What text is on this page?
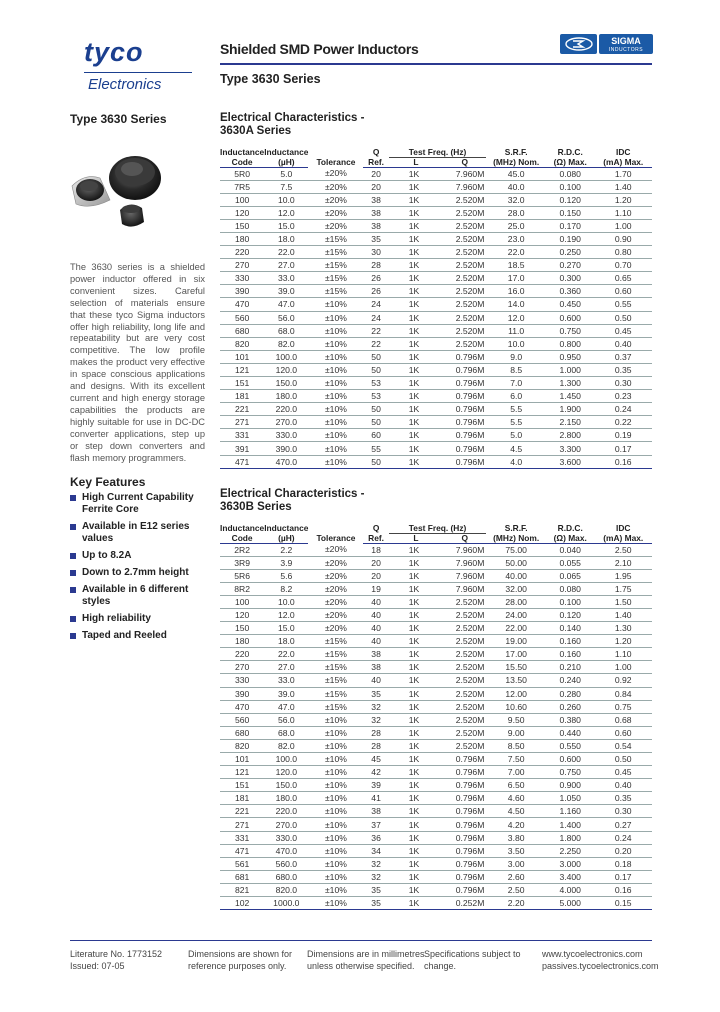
tyco
Electronics
Shielded SMD Power Inductors
Type 3630 Series
SIGMA
INDUCTORS
Type 3630 Series

The 3630 series is a shielded power inductor offered in six convenient sizes. Careful selection of materials ensure that these tyco Sigma inductors offer high reliability, long life and repeatability but are very cost competitive. The low profile makes the product very effective in space conscious applications and designs. With its excellent current and high energy storage capabilities the products are highly suitable for use in DC-DC converter applications, step up or step down converters and flash memory programmers.

Key Features
High Current Capability Ferrite Core
Available in E12 series values
Up to 8.2A
Down to 2.7mm height
Available in 6 different styles
High reliability
Taped and Reeled
Electrical Characteristics -
3630A Series
Inductance	Inductance	Tolerance	Q	Test Freq. (Hz)		S.R.F.	R.D.C.	IDC
Code	(µH)		Ref.	L	Q	(MHz) Nom.	(Ω) Max.	(mA) Max.
5R0	5.0	±20%	20	1K	7.960M	45.0	0.080	1.70
7R5	7.5	±20%	20	1K	7.960M	40.0	0.100	1.40
100	10.0	±20%	38	1K	2.520M	32.0	0.120	1.20
120	12.0	±20%	38	1K	2.520M	28.0	0.150	1.10
150	15.0	±20%	38	1K	2.520M	25.0	0.170	1.00
180	18.0	±15%	35	1K	2.520M	23.0	0.190	0.90
220	22.0	±15%	30	1K	2.520M	22.0	0.250	0.80
270	27.0	±15%	28	1K	2.520M	18.5	0.270	0.70
330	33.0	±15%	26	1K	2.520M	17.0	0.300	0.65
390	39.0	±15%	26	1K	2.520M	16.0	0.360	0.60
470	47.0	±10%	24	1K	2.520M	14.0	0.450	0.55
560	56.0	±10%	24	1K	2.520M	12.0	0.600	0.50
680	68.0	±10%	22	1K	2.520M	11.0	0.750	0.45
820	82.0	±10%	22	1K	2.520M	10.0	0.800	0.40
101	100.0	±10%	50	1K	0.796M	9.0	0.950	0.37
121	120.0	±10%	50	1K	0.796M	8.5	1.000	0.35
151	150.0	±10%	53	1K	0.796M	7.0	1.300	0.30
181	180.0	±10%	53	1K	0.796M	6.0	1.450	0.23
221	220.0	±10%	50	1K	0.796M	5.5	1.900	0.24
271	270.0	±10%	50	1K	0.796M	5.5	2.150	0.22
331	330.0	±10%	60	1K	0.796M	5.0	2.800	0.19
391	390.0	±10%	55	1K	0.796M	4.5	3.300	0.17
471	470.0	±10%	50	1K	0.796M	4.0	3.600	0.16
Electrical Characteristics -
3630B Series
Inductance	Inductance	Tolerance	Q	Test Freq. (Hz)		S.R.F.	R.D.C.	IDC
Code	(µH)		Ref.	L	Q	(MHz) Nom.	(Ω) Max.	(mA) Max.
2R2	2.2	±20%	18	1K	7.960M	75.00	0.040	2.50
3R9	3.9	±20%	20	1K	7.960M	50.00	0.055	2.10
5R6	5.6	±20%	20	1K	7.960M	40.00	0.065	1.95
8R2	8.2	±20%	19	1K	7.960M	32.00	0.080	1.75
100	10.0	±20%	40	1K	2.520M	28.00	0.100	1.50
120	12.0	±20%	40	1K	2.520M	24.00	0.120	1.40
150	15.0	±20%	40	1K	2.520M	22.00	0.140	1.30
180	18.0	±15%	40	1K	2.520M	19.00	0.160	1.20
220	22.0	±15%	38	1K	2.520M	17.00	0.160	1.10
270	27.0	±15%	38	1K	2.520M	15.50	0.210	1.00
330	33.0	±15%	40	1K	2.520M	13.50	0.240	0.92
390	39.0	±15%	35	1K	2.520M	12.00	0.280	0.84
470	47.0	±15%	32	1K	2.520M	10.60	0.260	0.75
560	56.0	±10%	32	1K	2.520M	9.50	0.380	0.68
680	68.0	±10%	28	1K	2.520M	9.00	0.440	0.60
820	82.0	±10%	28	1K	2.520M	8.50	0.550	0.54
101	100.0	±10%	45	1K	0.796M	7.50	0.600	0.50
121	120.0	±10%	42	1K	0.796M	7.00	0.750	0.45
151	150.0	±10%	39	1K	0.796M	6.50	0.900	0.40
181	180.0	±10%	41	1K	0.796M	4.60	1.050	0.35
221	220.0	±10%	38	1K	0.796M	4.50	1.160	0.30
271	270.0	±10%	37	1K	0.796M	4.20	1.400	0.27
331	330.0	±10%	36	1K	0.796M	3.80	1.800	0.24
471	470.0	±10%	34	1K	0.796M	3.50	2.250	0.20
561	560.0	±10%	32	1K	0.796M	3.00	3.000	0.18
681	680.0	±10%	32	1K	0.796M	2.60	3.400	0.17
821	820.0	±10%	35	1K	0.796M	2.50	4.000	0.16
102	1000.0	±10%	35	1K	0.252M	2.20	5.000	0.15
Literature No. 1773152
Issued: 07-05
Dimensions are shown for
reference purposes only.
Dimensions are in millimetres
unless otherwise specified.
Specifications subject to
change.
www.tycoelectronics.com
passives.tycoelectronics.com
